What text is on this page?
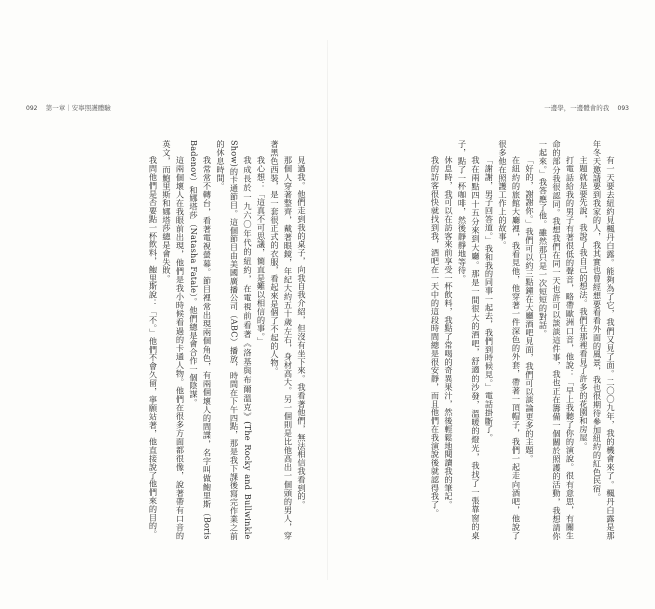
092 第一章｜安寧照護體驗	一邊學，一邊體會的我 093

見過我。他們走到我的桌子，向我自我介紹，但沒有坐下來。我看著他們，無法相信我看到的。

那個人穿著整齊，戴著眼鏡，年紀大約五十歲左右，身材高大。另一個則是比他高出一個頭的男人，穿著黑色西裝，是一套很正式的衣服，看起來是個了不起的人物。

我心想：「這真不可思議，簡直是難以相信的事。」

我成長於一九六〇年代的紐約，在電視前看著《洛基與布爾溫克》(The Rocky and Bullwinkle Show)的卡通節目。這個節目由美國廣播公司（ABC）播放，時間在下午四點，那是我下課後寫完作業之前的休息時間。

我常常不轉台，看著電視螢幕。節目裡常出現兩個角色，有兩個壞人的間諜，名字叫做鮑里斯（Boris Badenov）和娜塔莎（Natasha Fatale）。他們總是會合作一個陰謀。

這兩個壞人在我眼前出現，他們是我小時候看過的卡通人物。他們在很多方面都很像，說著帶有口音的英文，而鮑里斯和娜塔莎總是會失敗。

我問他們是否要點一杯飲料，鮑里斯說：「不。」他們不會久留，寧願站著，他直接說了他們來的目的。	有一天要去紐約見楓丹白露。能夠為了它，我們又見了面。二〇〇九年，我的機會來了。楓丹白露是那年冬天邀請要到我家的人，我其實也曾經想要看看外面的風景，我也很期待參加紐約的紅色民宿。

主題就是要先說，我說了我自己的想法。我們在那裡看見了許多的花園和房屋。

打電話給我的男子有著很低的聲音，略帶歐洲口音，他說：「早上我聽了你的演說。很有意思，有關生命的部分我很認同。我想我們在同一天也許可以談談這件事，我也正在籌備一個關於照護的活動，我想請你一起來。」我答應了他。雖然那只是一次短短的對話。

「好的，謝謝你。」我們可以約三點鐘在大廳酒吧見面，我們可以談論更多的主題。

在紐約的旅館大廳裡，我看見他，他穿著一件深色的外套，帶著一頂帽子，我們一起走向酒吧，他說了很多他在照護工作上的故事。

「謝謝，男子回答道。」我和我的同事一起去，我們到時候見。」電話掛斷了。

我在兩點四十五分來到大廳。那是一間很大的酒吧，舒適的沙發，溫暖的燈光，我找了一張靠窗的桌子，點了一杯咖啡，然後靜靜地等待。

休息時，我可以在訪客來前享受一杯飲料，我點了常喝的奇異果汁，然後輕鬆地閱讀我的筆記。

我的訪客很快就找到我，酒吧在一天中的這段時間總是很安靜，而且他們在我演說後就認得我了。
